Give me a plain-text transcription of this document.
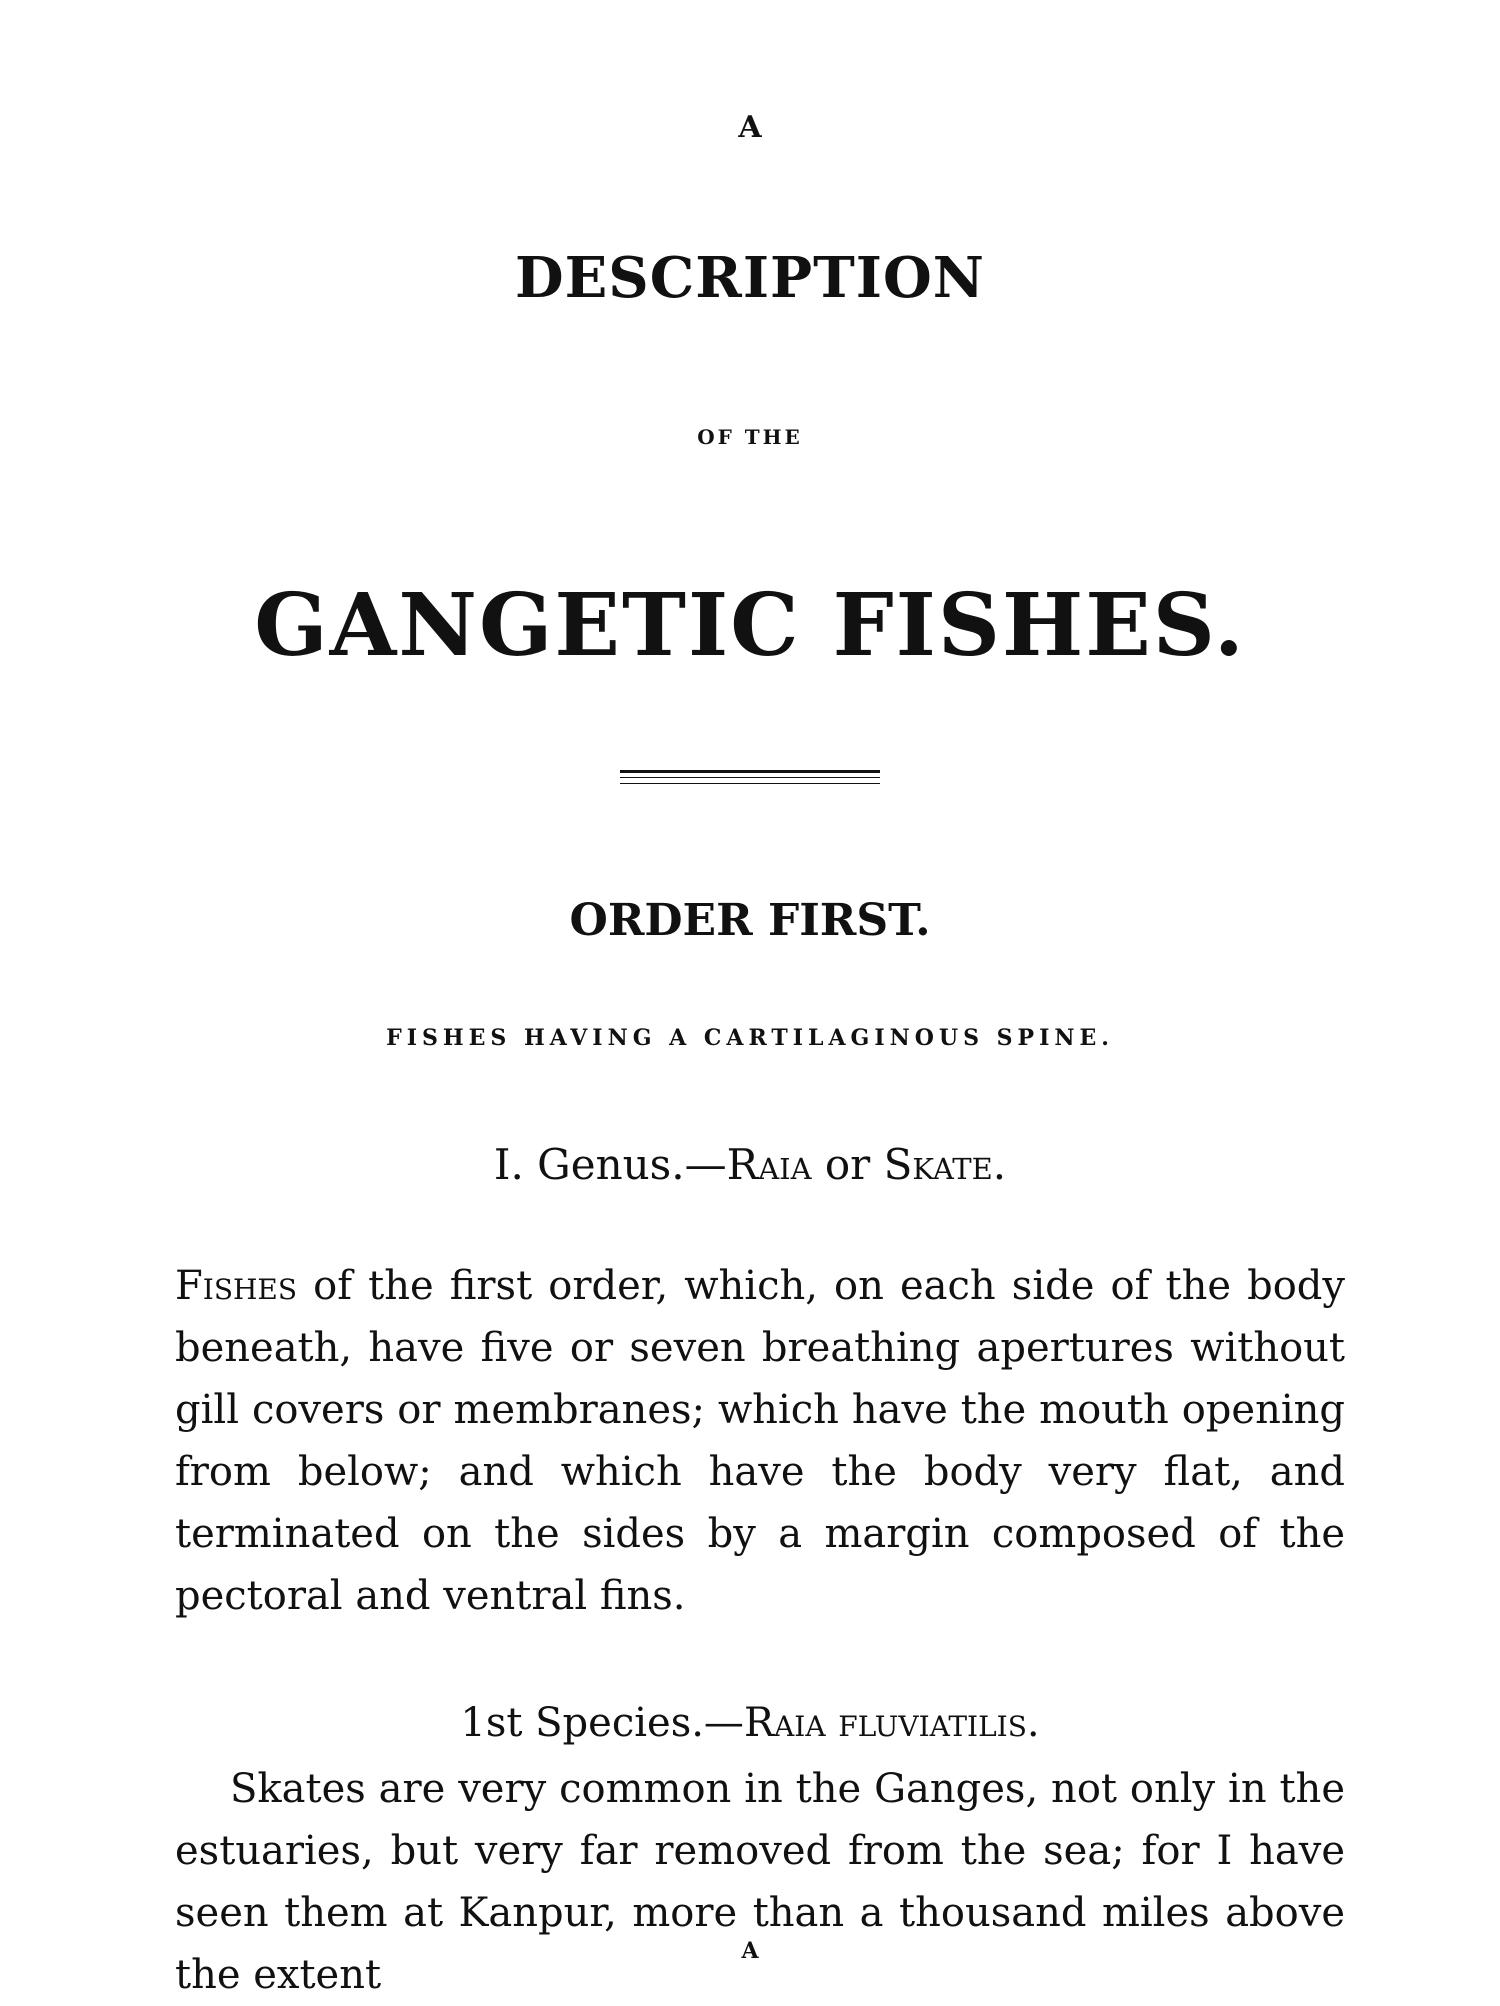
A
DESCRIPTION
OF THE
GANGETIC FISHES.
ORDER FIRST.
FISHES HAVING A CARTILAGINOUS SPINE.
I. Genus.—Raia or Skate.
Fishes of the first order, which, on each side of the body beneath, have five or seven breathing apertures without gill covers or membranes; which have the mouth opening from below; and which have the body very flat, and terminated on the sides by a margin composed of the pectoral and ventral fins.
1st Species.—Raia fluviatilis.
Skates are very common in the Ganges, not only in the estuaries, but very far removed from the sea; for I have seen them at Kanpur, more than a thousand miles above the extent
A
